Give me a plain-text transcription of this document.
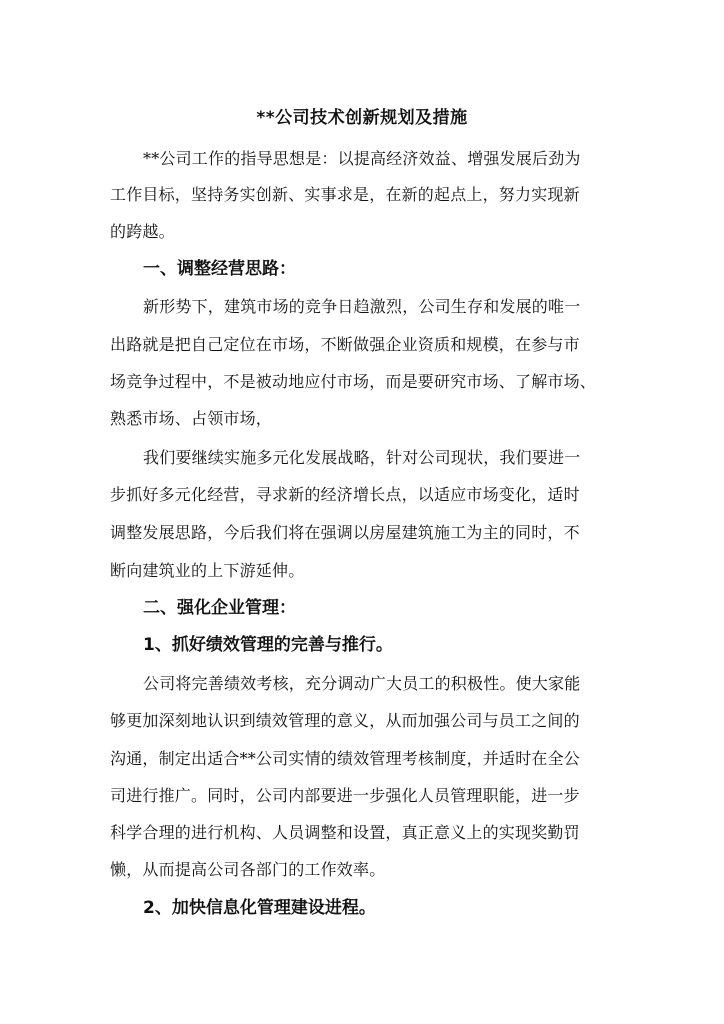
**公司技术创新规划及措施
**公司工作的指导思想是：以提高经济效益、增强发展后劲为
工作目标，坚持务实创新、实事求是，在新的起点上，努力实现新
的跨越。
一、调整经营思路：
新形势下，建筑市场的竞争日趋激烈，公司生存和发展的唯一
出路就是把自己定位在市场，不断做强企业资质和规模，在参与市
场竞争过程中，不是被动地应付市场，而是要研究市场、了解市场、
熟悉市场、占领市场，
我们要继续实施多元化发展战略，针对公司现状，我们要进一
步抓好多元化经营，寻求新的经济增长点，以适应市场变化，适时
调整发展思路，今后我们将在强调以房屋建筑施工为主的同时，不
断向建筑业的上下游延伸。
二、强化企业管理：
1、抓好绩效管理的完善与推行。
公司将完善绩效考核，充分调动广大员工的积极性。使大家能
够更加深刻地认识到绩效管理的意义，从而加强公司与员工之间的
沟通，制定出适合**公司实情的绩效管理考核制度，并适时在全公
司进行推广。同时，公司内部要进一步强化人员管理职能，进一步
科学合理的进行机构、人员调整和设置，真正意义上的实现奖勤罚
懒，从而提高公司各部门的工作效率。
2、加快信息化管理建设进程。
